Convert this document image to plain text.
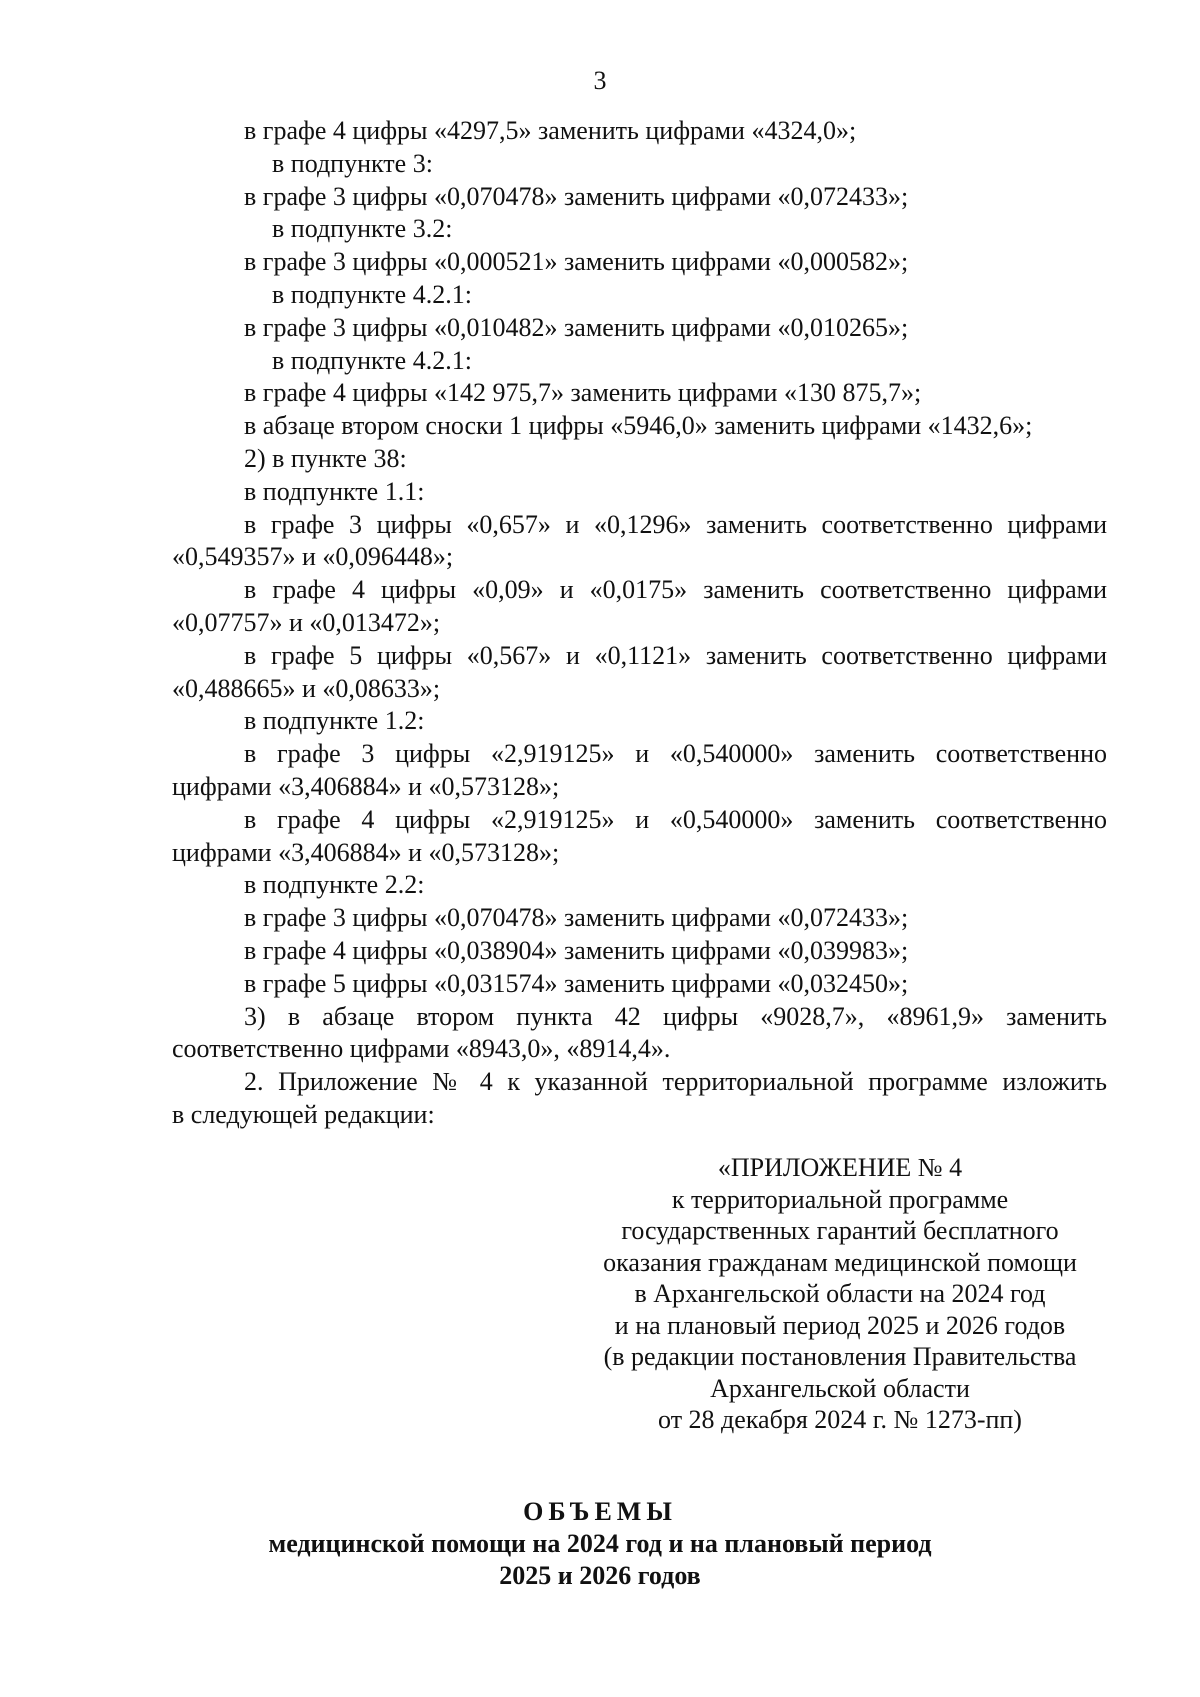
3
в графе 4 цифры «4297,5» заменить цифрами «4324,0»;
в подпункте 3:
в графе 3 цифры «0,070478» заменить цифрами «0,072433»;
в подпункте 3.2:
в графе 3 цифры «0,000521» заменить цифрами «0,000582»;
в подпункте 4.2.1:
в графе 3 цифры «0,010482» заменить цифрами «0,010265»;
в подпункте 4.2.1:
в графе 4 цифры «142 975,7» заменить цифрами «130 875,7»;
в абзаце втором сноски 1 цифры «5946,0» заменить цифрами «1432,6»;
2) в пункте 38:
в подпункте 1.1:
в графе 3 цифры «0,657» и «0,1296» заменить соответственно цифрами
«0,549357» и «0,096448»;
в графе 4 цифры «0,09» и «0,0175» заменить соответственно цифрами
«0,07757» и «0,013472»;
в графе 5 цифры «0,567» и «0,1121» заменить соответственно цифрами
«0,488665» и «0,08633»;
в подпункте 1.2:
в графе 3 цифры «2,919125» и «0,540000» заменить соответственно
цифрами «3,406884» и «0,573128»;
в графе 4 цифры «2,919125» и «0,540000» заменить соответственно
цифрами «3,406884» и «0,573128»;
в подпункте 2.2:
в графе 3 цифры «0,070478» заменить цифрами «0,072433»;
в графе 4 цифры «0,038904» заменить цифрами «0,039983»;
в графе 5 цифры «0,031574» заменить цифрами «0,032450»;
3) в абзаце втором пункта 42 цифры «9028,7», «8961,9» заменить
соответственно цифрами «8943,0», «8914,4».
2. Приложение № 4 к указанной территориальной программе изложить
в следующей редакции:
«ПРИЛОЖЕНИЕ № 4
к территориальной программе
государственных гарантий бесплатного
оказания гражданам медицинской помощи
в Архангельской области на 2024 год
и на плановый период 2025 и 2026 годов
(в редакции постановления Правительства
Архангельской области
от 28 декабря 2024 г. № 1273-пп)
ОБЪЕМЫ
медицинской помощи на 2024 год и на плановый период
2025 и 2026 годов
